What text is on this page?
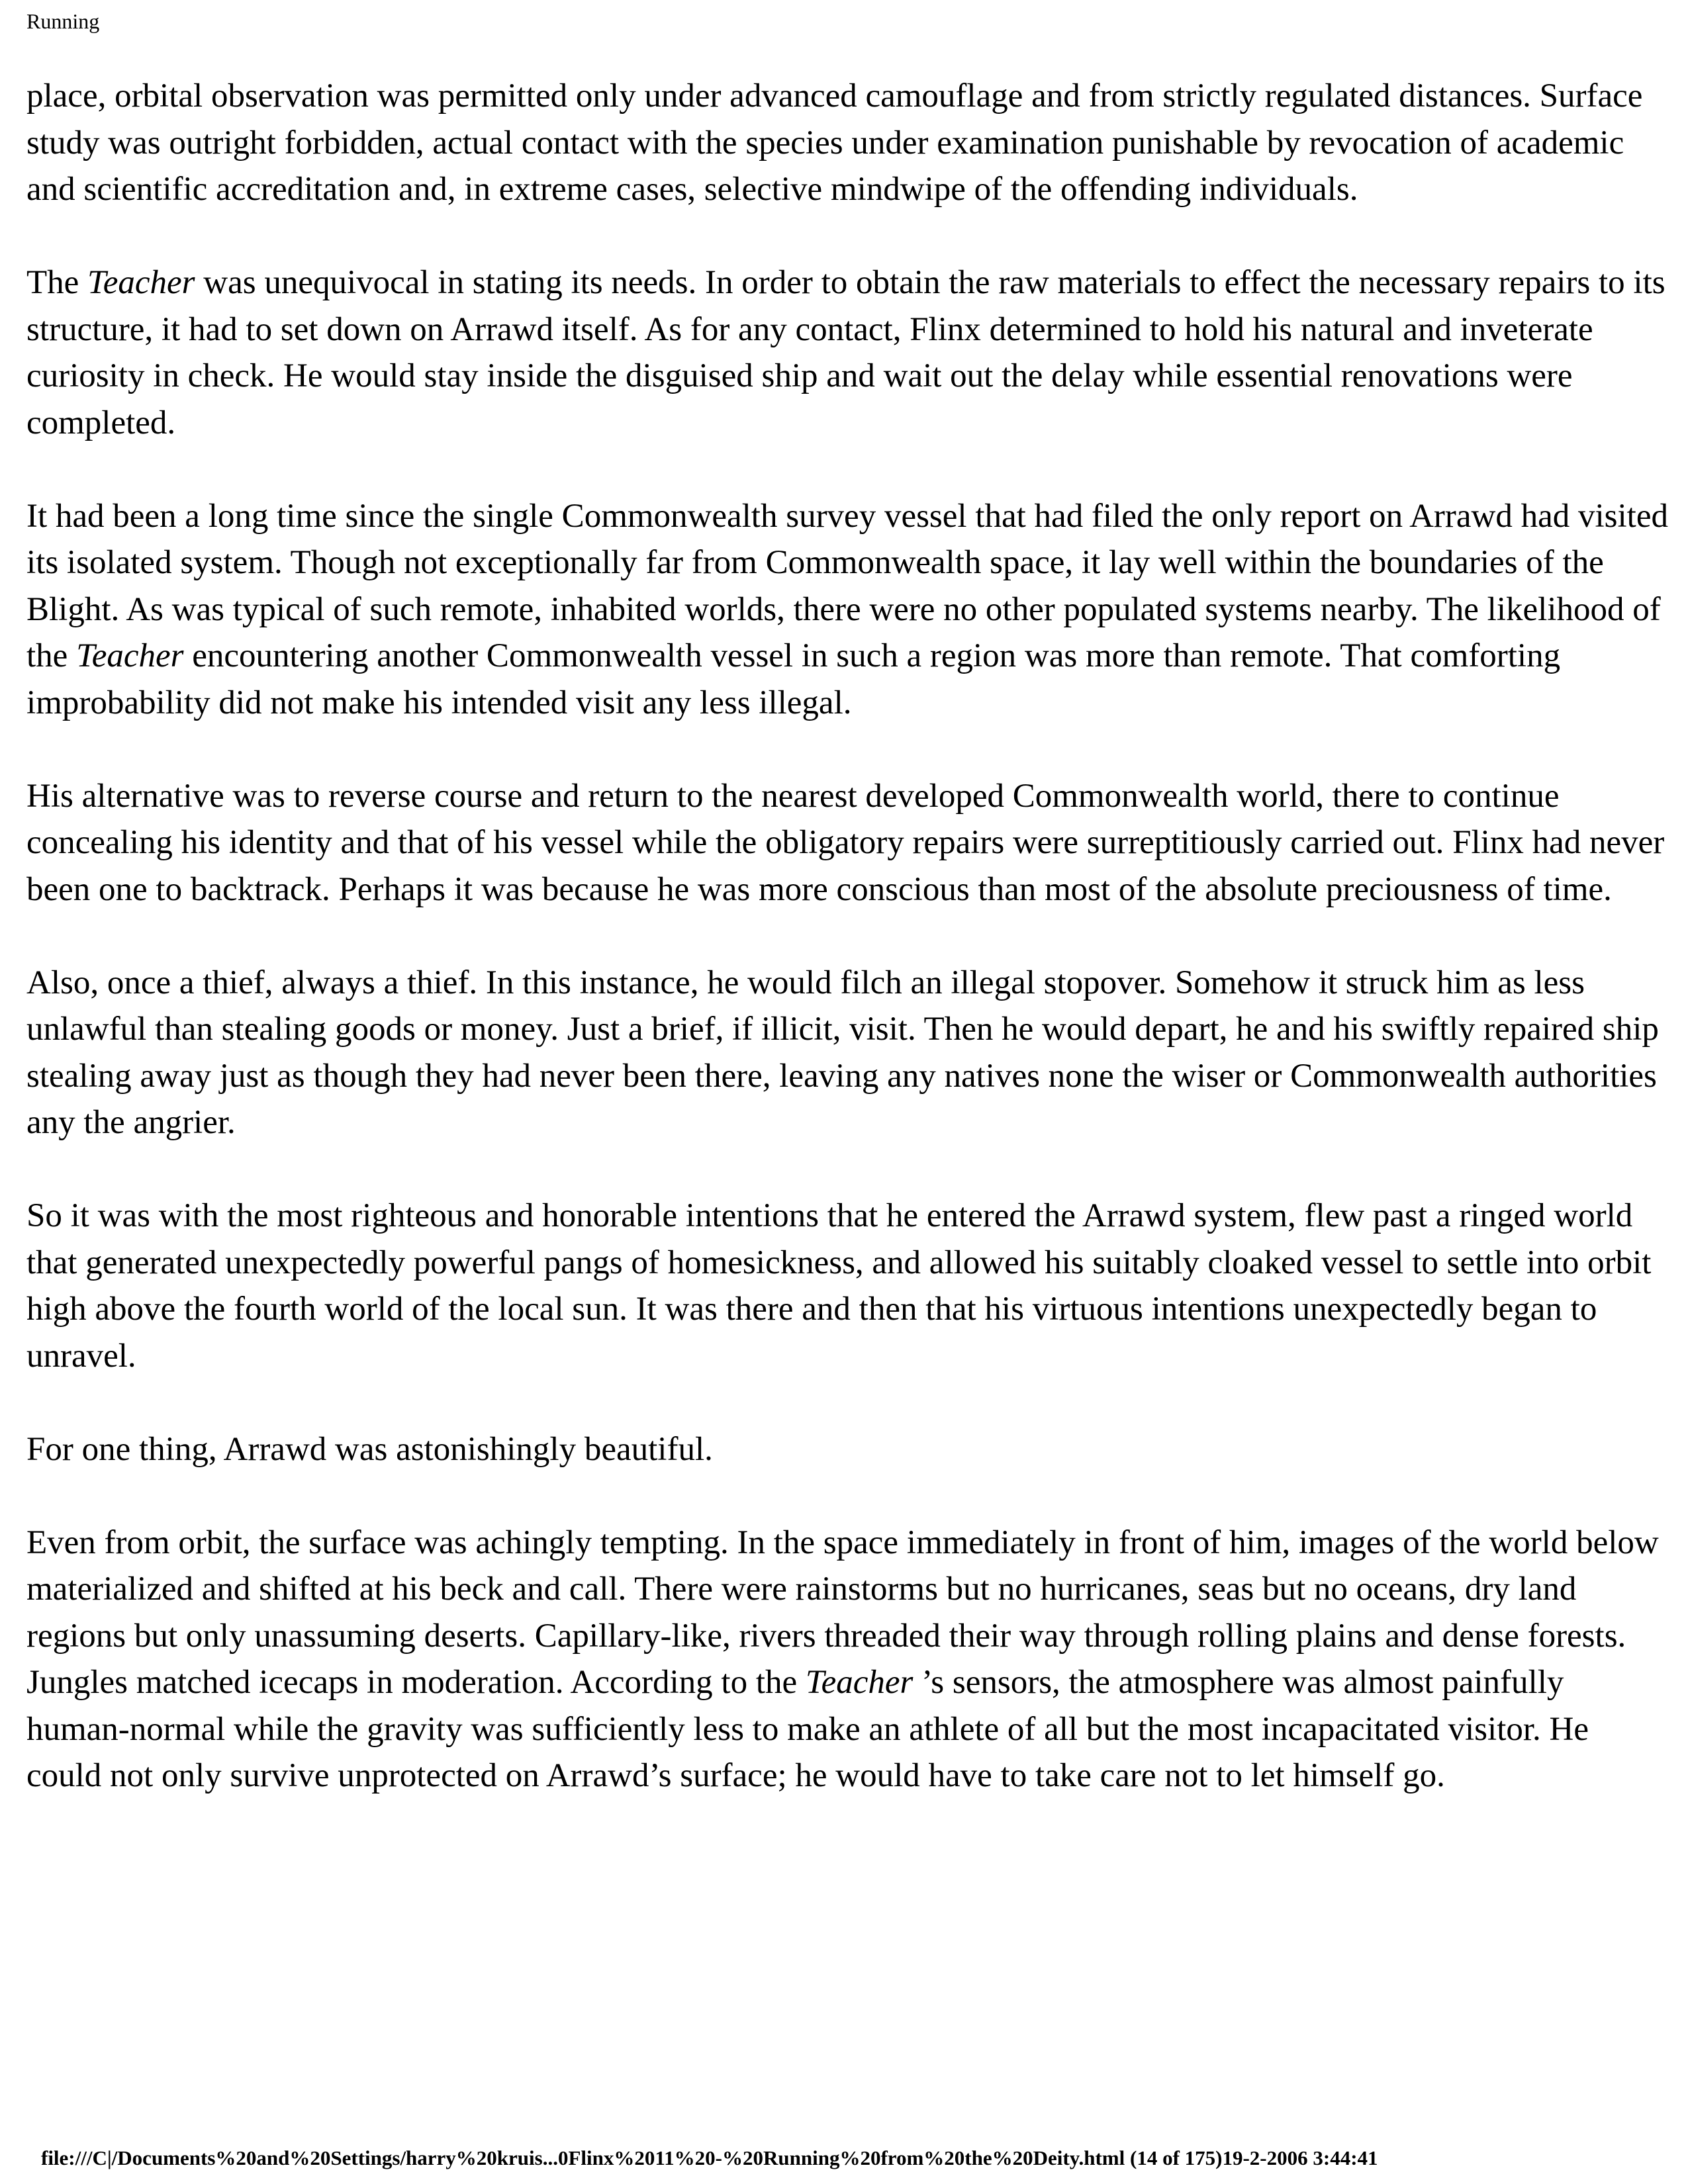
Running

place, orbital observation was permitted only under advanced camouflage and from strictly regulated distances. Surface study was outright forbidden, actual contact with the species under examination punishable by revocation of academic and scientific accreditation and, in extreme cases, selective mindwipe of the offending individuals.

The Teacher was unequivocal in stating its needs. In order to obtain the raw materials to effect the necessary repairs to its structure, it had to set down on Arrawd itself. As for any contact, Flinx determined to hold his natural and inveterate curiosity in check. He would stay inside the disguised ship and wait out the delay while essential renovations were completed.

It had been a long time since the single Commonwealth survey vessel that had filed the only report on Arrawd had visited its isolated system. Though not exceptionally far from Commonwealth space, it lay well within the boundaries of the Blight. As was typical of such remote, inhabited worlds, there were no other populated systems nearby. The likelihood of the Teacher encountering another Commonwealth vessel in such a region was more than remote. That comforting improbability did not make his intended visit any less illegal.

His alternative was to reverse course and return to the nearest developed Commonwealth world, there to continue concealing his identity and that of his vessel while the obligatory repairs were surreptitiously carried out. Flinx had never been one to backtrack. Perhaps it was because he was more conscious than most of the absolute preciousness of time.

Also, once a thief, always a thief. In this instance, he would filch an illegal stopover. Somehow it struck him as less unlawful than stealing goods or money. Just a brief, if illicit, visit. Then he would depart, he and his swiftly repaired ship stealing away just as though they had never been there, leaving any natives none the wiser or Commonwealth authorities any the angrier.

So it was with the most righteous and honorable intentions that he entered the Arrawd system, flew past a ringed world that generated unexpectedly powerful pangs of homesickness, and allowed his suitably cloaked vessel to settle into orbit high above the fourth world of the local sun. It was there and then that his virtuous intentions unexpectedly began to unravel.

For one thing, Arrawd was astonishingly beautiful.

Even from orbit, the surface was achingly tempting. In the space immediately in front of him, images of the world below materialized and shifted at his beck and call. There were rainstorms but no hurricanes, seas but no oceans, dry land regions but only unassuming deserts. Capillary-like, rivers threaded their way through rolling plains and dense forests. Jungles matched icecaps in moderation. According to the Teacher ’s sensors, the atmosphere was almost painfully human-normal while the gravity was sufficiently less to make an athlete of all but the most incapacitated visitor. He could not only survive unprotected on Arrawd’s surface; he would have to take care not to let himself go.

file:///C|/Documents%20and%20Settings/harry%20kruis...0Flinx%2011%20-%20Running%20from%20the%20Deity.html (14 of 175)19-2-2006 3:44:41
